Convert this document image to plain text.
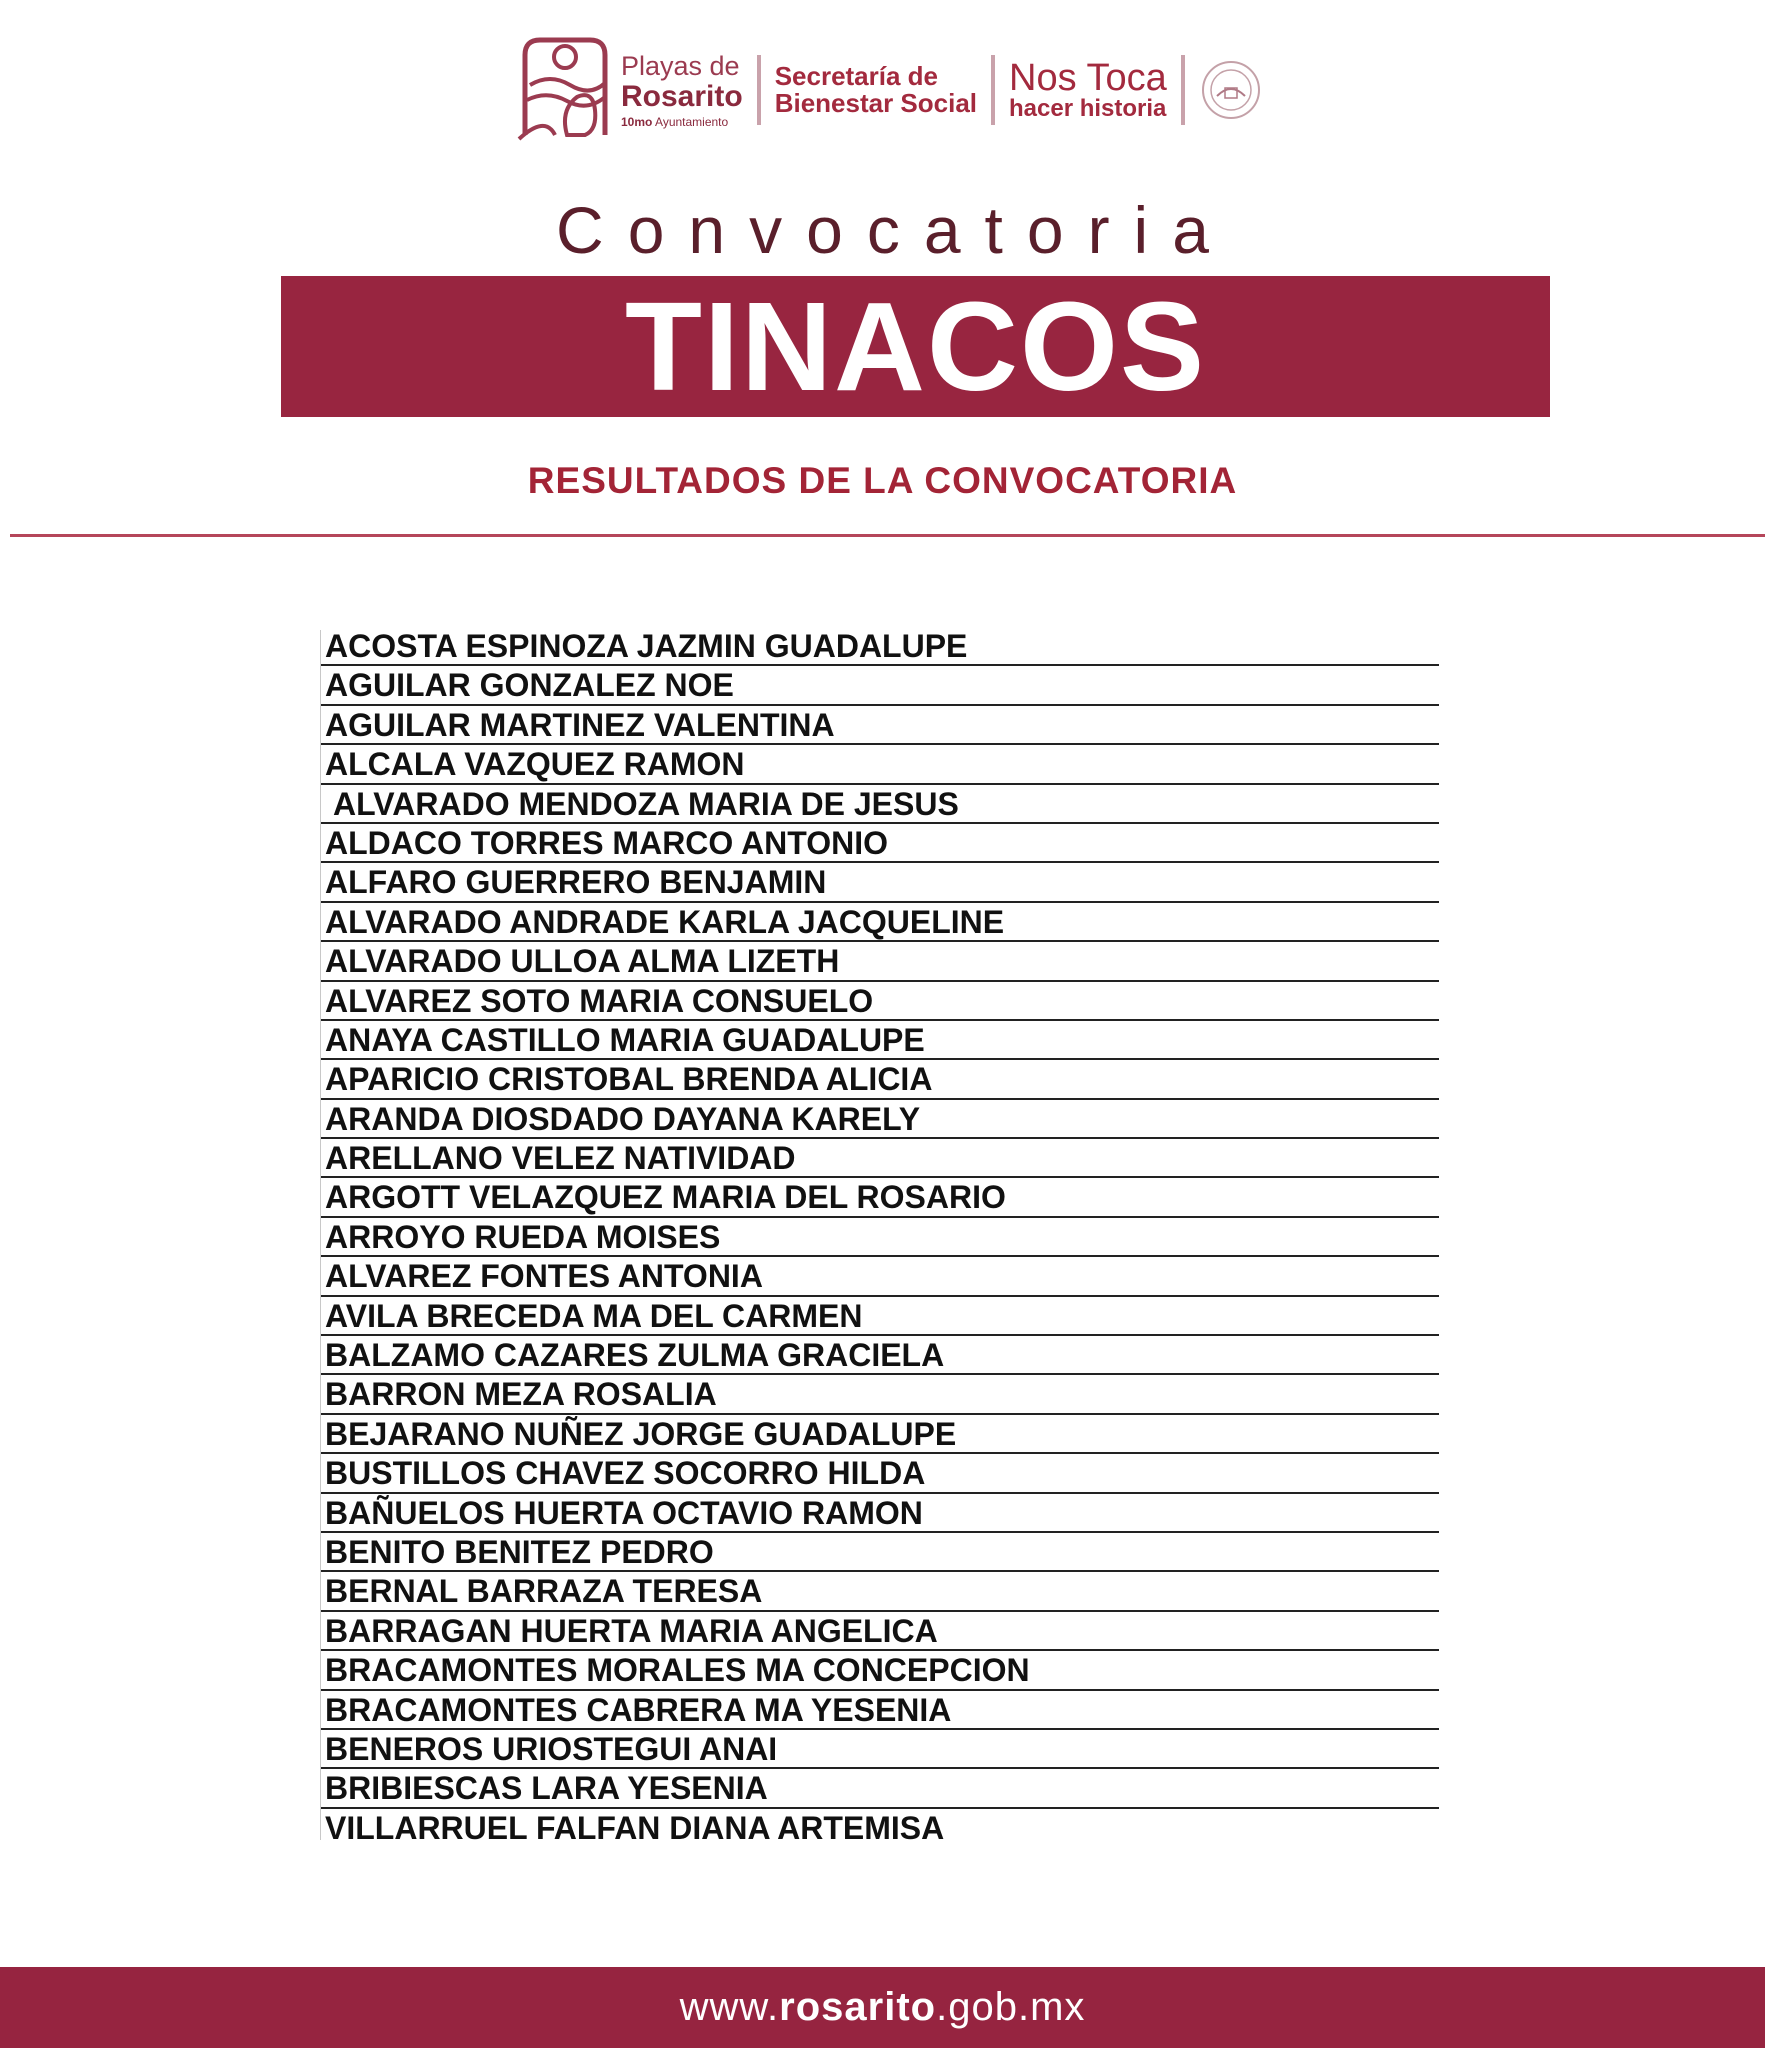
Playas de
Rosarito
10mo Ayuntamiento
Secretaría de
Bienestar Social
Nos Toca
hacer historia
Convocatoria
TINACOS
RESULTADOS DE LA CONVOCATORIA
ACOSTA ESPINOZA JAZMIN GUADALUPE
AGUILAR GONZALEZ NOE
AGUILAR MARTINEZ VALENTINA
ALCALA VAZQUEZ RAMON
ALVARADO MENDOZA MARIA DE JESUS
ALDACO TORRES MARCO ANTONIO
ALFARO GUERRERO BENJAMIN
ALVARADO ANDRADE KARLA JACQUELINE
ALVARADO ULLOA ALMA LIZETH
ALVAREZ SOTO MARIA CONSUELO
ANAYA CASTILLO MARIA GUADALUPE
APARICIO CRISTOBAL BRENDA ALICIA
ARANDA DIOSDADO DAYANA KARELY
ARELLANO VELEZ NATIVIDAD
ARGOTT VELAZQUEZ MARIA DEL ROSARIO
ARROYO RUEDA MOISES
ALVAREZ FONTES ANTONIA
AVILA BRECEDA MA DEL CARMEN
BALZAMO CAZARES ZULMA GRACIELA
BARRON MEZA ROSALIA
BEJARANO NUÑEZ JORGE GUADALUPE
BUSTILLOS CHAVEZ SOCORRO HILDA
BAÑUELOS HUERTA OCTAVIO RAMON
BENITO BENITEZ PEDRO
BERNAL BARRAZA TERESA
BARRAGAN HUERTA MARIA ANGELICA
BRACAMONTES MORALES MA CONCEPCION
BRACAMONTES CABRERA MA YESENIA
BENEROS URIOSTEGUI ANAI
BRIBIESCAS LARA YESENIA
VILLARRUEL FALFAN DIANA ARTEMISA
www.rosarito.gob.mx
